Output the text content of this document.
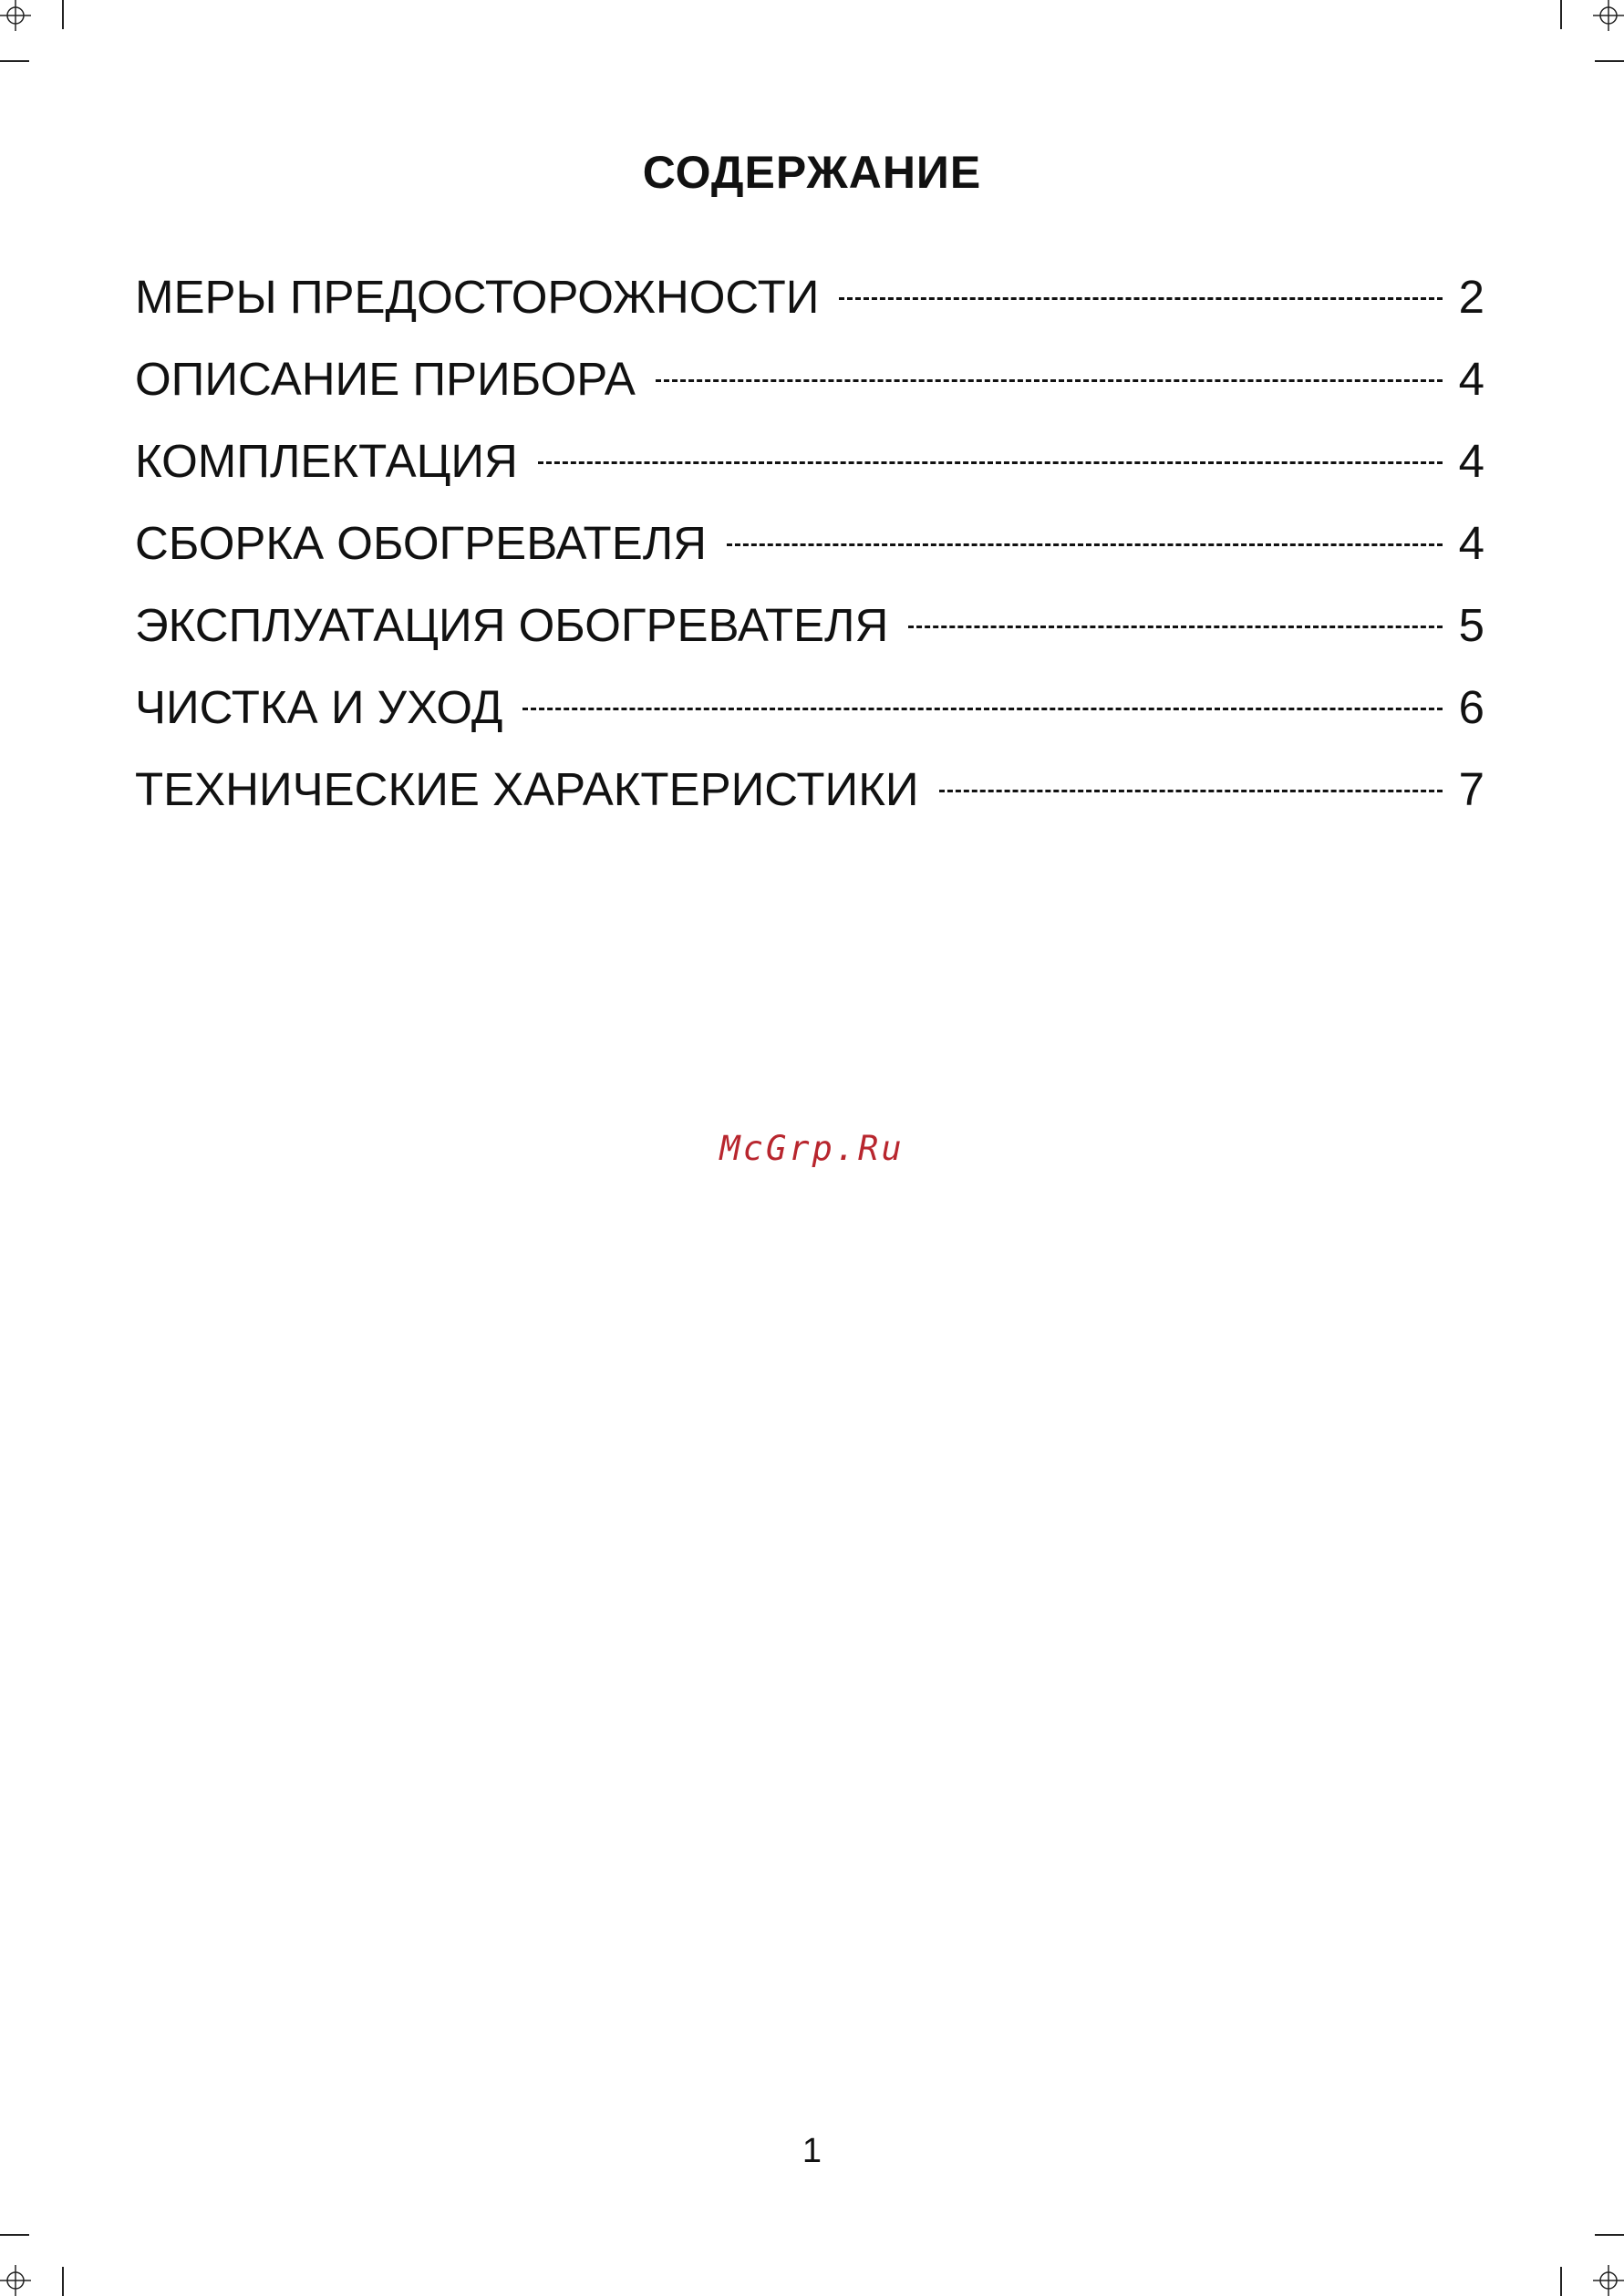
СОДЕРЖАНИЕ
МЕРЫ ПРЕДОСТОРОЖНОСТИ	2
ОПИСАНИЕ ПРИБОРА	4
КОМПЛЕКТАЦИЯ	4
СБОРКА ОБОГРЕВАТЕЛЯ	4
ЭКСПЛУАТАЦИЯ ОБОГРЕВАТЕЛЯ	5
ЧИСТКА И УХОД	6
ТЕХНИЧЕСКИЕ ХАРАКТЕРИСТИКИ	7
McGrp.Ru
1
